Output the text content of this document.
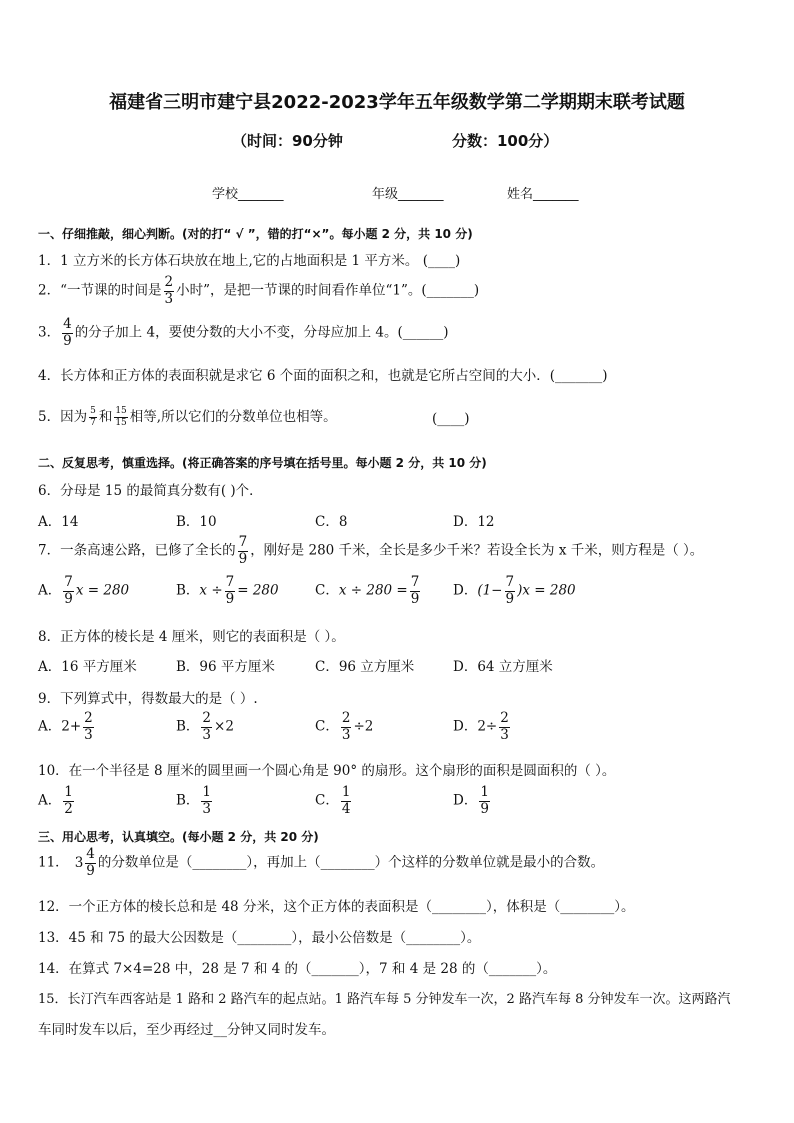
福建省三明市建宁县2022-2023学年五年级数学第二学期期末联考试题
（时间：90分钟	分数：100分）
学校_______	年级_______	姓名_______
一、仔细推敲，细心判断。(对的打“ √ ”，错的打“×”。每小题 2 分，共 10 分)
1．1 立方米的长方体石块放在地上,它的占地面积是 1 平方米。 (____)
2．“一节课的时间是 $\frac{2}{3}$ 小时”，是把一节课的时间看作单位“1”。(_______)
3． $\frac{4}{9}$ 的分子加上 4，要使分数的大小不变，分母应加上 4。(______)
4．长方体和正方体的表面积就是求它 6 个面的面积之和，也就是它所占空间的大小．(_______)
5．因为 $\frac{5}{7}$ 和 $\frac{15}{15}$ 相等,所以它们的分数单位也相等。	(____)
二、反复思考，慎重选择。(将正确答案的序号填在括号里。每小题 2 分，共 10 分)
6．分母是 15 的最简真分数有( )个．
A．14	B．10	C．8	D．12
7．一条高速公路，已修了全长的 $\frac{7}{9}$ ，刚好是 280 千米，全长是多少千米？若设全长为 x 千米，则方程是（ ）。
A． $\frac{7}{9}$ x = 280	B．$x \div \frac{7}{9} = 280$	C．$x \div 280 = \frac{7}{9}$ D．$(1- \frac{7}{9} )x = 280$
8．正方体的棱长是 4 厘米，则它的表面积是（ ）。
A．16 平方厘米	B．96 平方厘米	C．96 立方厘米	D．64 立方厘米
9．下列算式中，得数最大的是（ ）.
A．$2+ \frac{2}{3}$	B． $\frac{2}{3} \times 2$	C． $\frac{2}{3} \div 2$	D．$2\div \frac{2}{3}$
10．在一个半径是 8 厘米的圆里画一个圆心角是 90° 的扇形。这个扇形的面积是圆面积的（ ）。
A． $\frac{1}{2}$	B． $\frac{1}{3}$	C． $\frac{1}{4}$	D． $\frac{1}{9}$
三、用心思考，认真填空。(每小题 2 分，共 20 分)
11． $3 \frac{4}{9}$ 的分数单位是（________），再加上（________）个这样的分数单位就是最小的合数。
12．一个正方体的棱长总和是 48 分米，这个正方体的表面积是（________），体积是（________）。
13．45 和 75 的最大公因数是（________），最小公倍数是（________）。
14．在算式 7×4=28 中，28 是 7 和 4 的（_______），7 和 4 是 28 的（_______）。
15．长汀汽车西客站是 1 路和 2 路汽车的起点站。1 路汽车每 5 分钟发车一次，2 路汽车每 8 分钟发车一次。这两路汽
车同时发车以后，至少再经过__分钟又同时发车。
